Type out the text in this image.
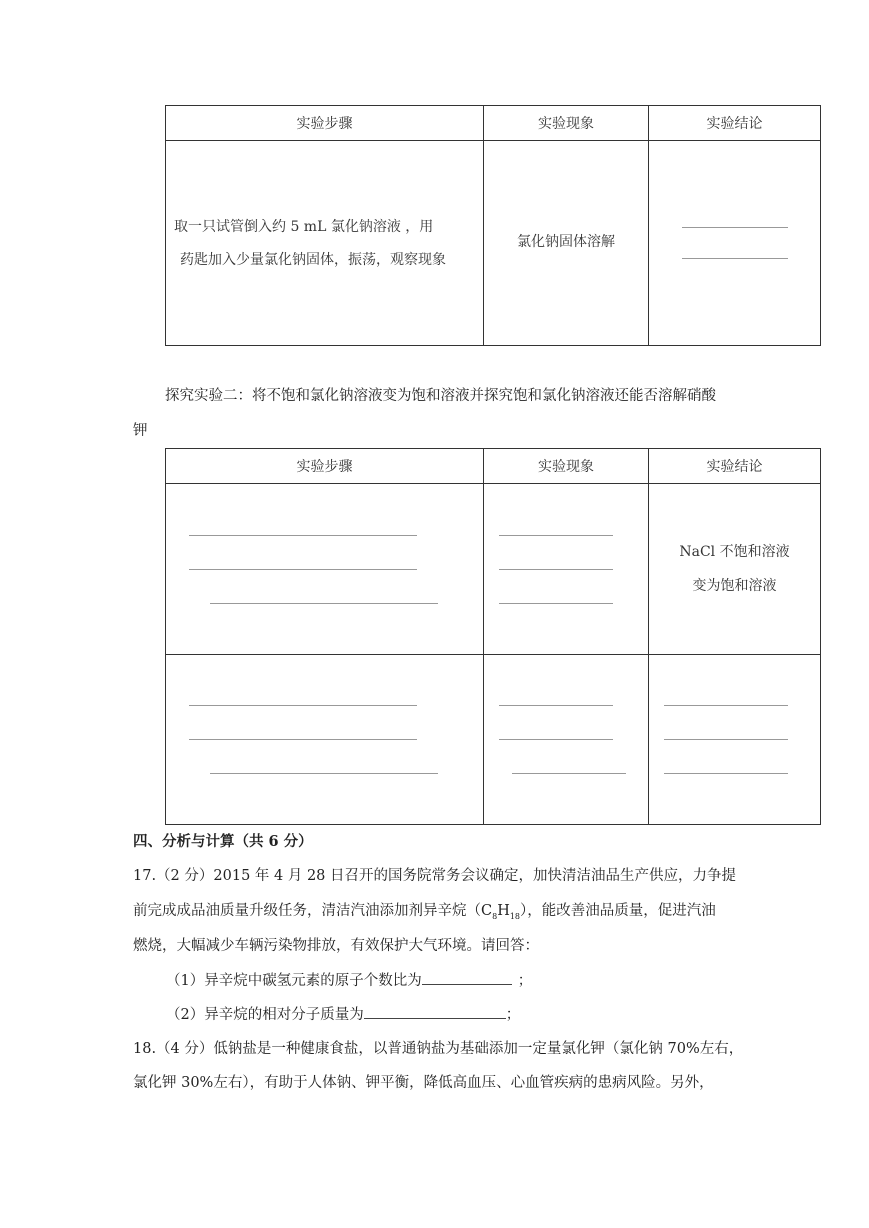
实验步骤	实验现象	实验结论

取一只试管倒入约 5 mL 氯化钠溶液 ，用
药匙加入少量氯化钠固体，振荡，观察现象	氯化钠固体溶解	
探究实验二：将不饱和氯化钠溶液变为饱和溶液并探究饱和氯化钠溶液还能否溶解硝酸
钾
实验步骤	实验现象	实验结论

		NaCl 不饱和溶液
变为饱和溶液

四、分析与计算（共 6 分）
17.（2 分）2015 年 4 月 28 日召开的国务院常务会议确定，加快清洁油品生产供应，力争提
前完成成品油质量升级任务，清洁汽油添加剂异辛烷$(C_8H_{18})$，能改善油品质量，促进汽油
燃烧，大幅减少车辆污染物排放，有效保护大气环境。请回答：
（1）异辛烷中碳氢元素的原子个数比为	；
（2）异辛烷的相对分子质量为	；
18.（4 分）低钠盐是一种健康食盐，以普通钠盐为基础添加一定量氯化钾（氯化钠 70%左右，
氯化钾 30%左右），有助于人体钠、钾平衡，降低高血压、心血管疾病的患病风险。另外，
